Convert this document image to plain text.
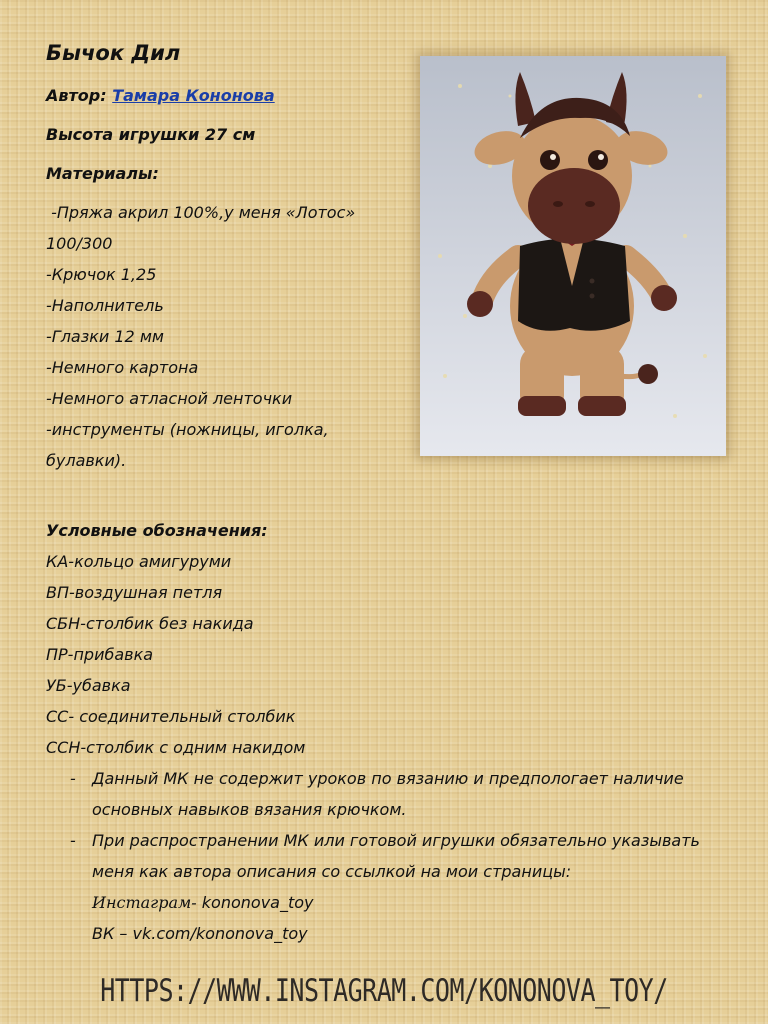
Бычок Дил

Автор: Тамара Кононова

Высота игрушки 27 см

Материалы:

-Пряжа акрил 100%,у меня «Лотос» 100/300

-Крючок 1,25

-Наполнитель

-Глазки 12 мм

-Немного картона

-Немного атласной ленточки

-инструменты (ножницы, иголка, булавки).

Условные обозначения:

КА-кольцо амигуруми

ВП-воздушная петля

СБН-столбик без накида

ПР-прибавка

УБ-убавка

СС- соединительный столбик

ССН-столбик с одним накидом

- Данный МК не содержит уроков по вязанию и предпологает наличие основных навыков вязания крючком.
- При распространении МК или готовой игрушки обязательно указывать меня как автора описания со ссылкой на мои страницы:
Инстаграм- kononova_toy
ВК – vk.com/kononova_toy
HTTPS://WWW.INSTAGRAM.COM/KONONOVA_TOY/
